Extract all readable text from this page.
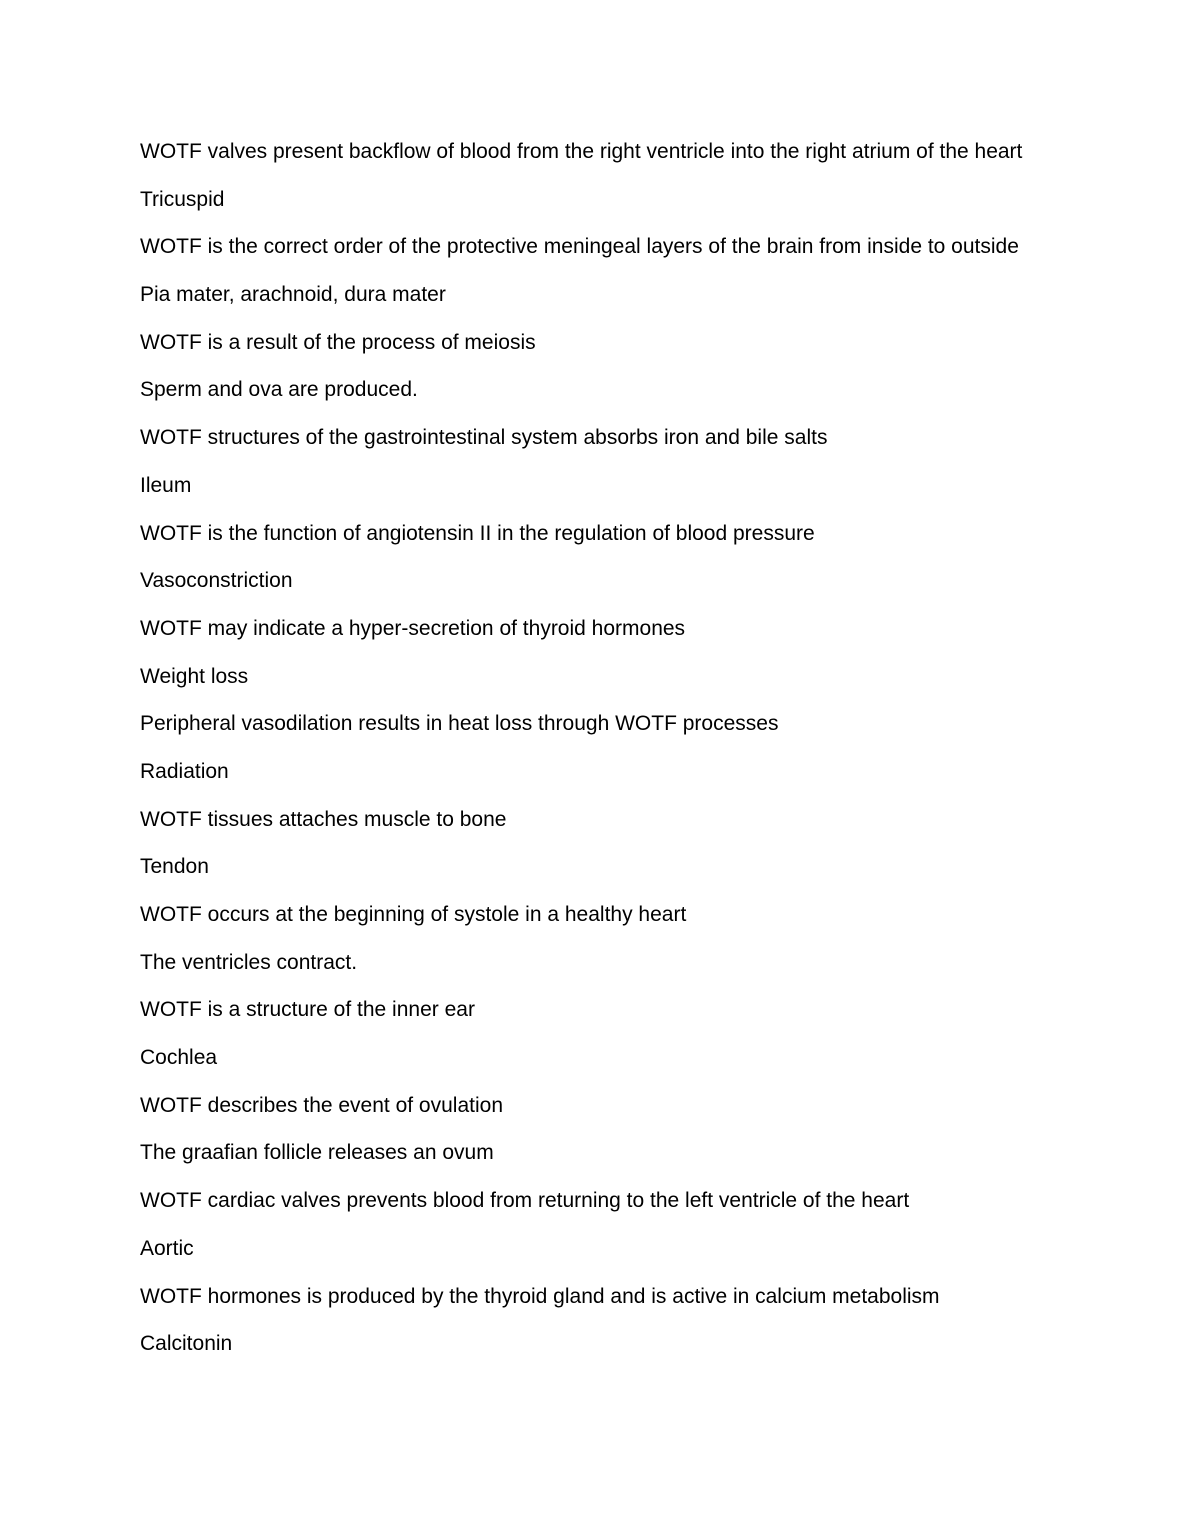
WOTF valves present backflow of blood from the right ventricle into the right atrium of the heart
Tricuspid
WOTF is the correct order of the protective meningeal layers of the brain from inside to outside
Pia mater, arachnoid, dura mater
WOTF is a result of the process of meiosis
Sperm and ova are produced.
WOTF structures of the gastrointestinal system absorbs iron and bile salts
Ileum
WOTF is the function of angiotensin II in the regulation of blood pressure
Vasoconstriction
WOTF may indicate a hyper-secretion of thyroid hormones
Weight loss
Peripheral vasodilation results in heat loss through WOTF processes
Radiation
WOTF tissues attaches muscle to bone
Tendon
WOTF occurs at the beginning of systole in a healthy heart
The ventricles contract.
WOTF is a structure of the inner ear
Cochlea
WOTF describes the event of ovulation
The graafian follicle releases an ovum
WOTF cardiac valves prevents blood from returning to the left ventricle of the heart
Aortic
WOTF hormones is produced by the thyroid gland and is active in calcium metabolism
Calcitonin
